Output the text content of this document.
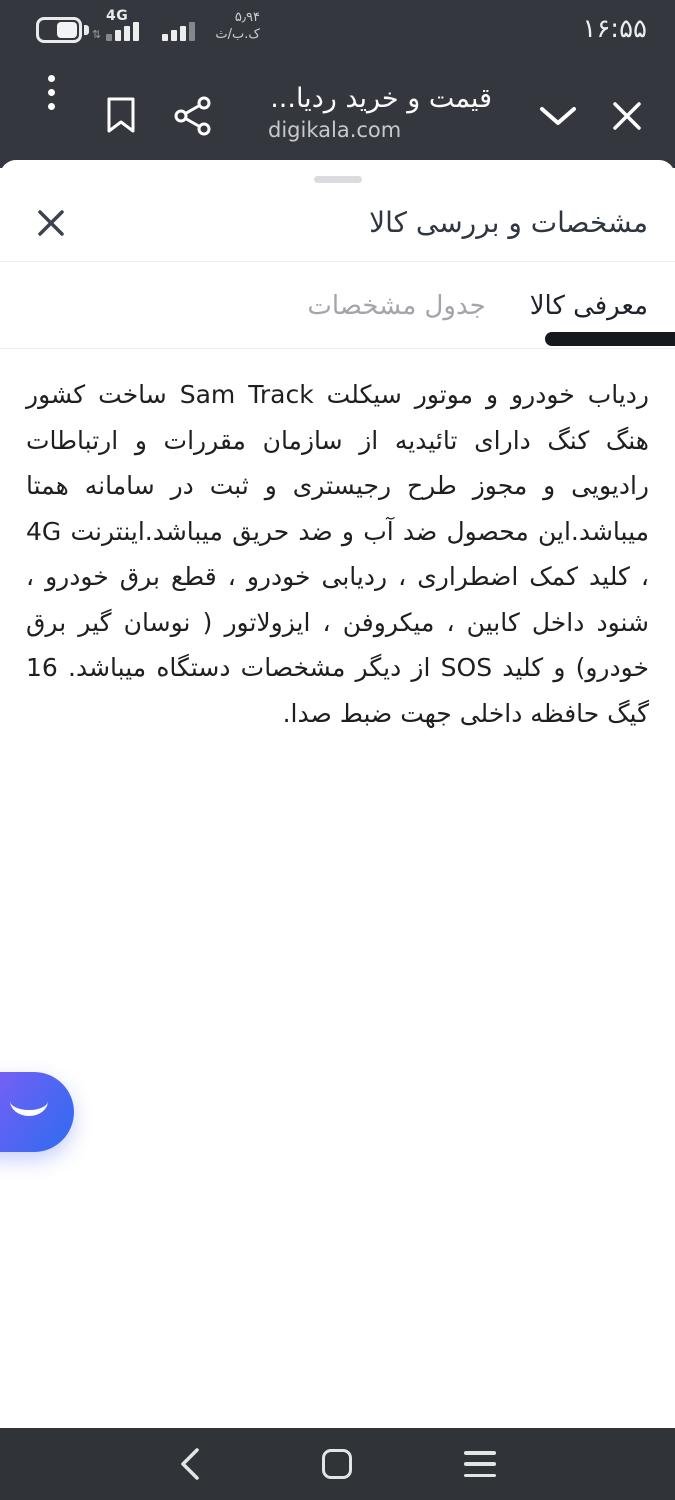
4G
⇅
۵٫۹۴
ک.ب/ث	۱۶:۵۵
قیمت و خرید ردیا...
digikala.com
مشخصات و بررسی کالا
معرفی کالا
جدول مشخصات
ردیاب خودرو و موتور سیکلت Sam Track ساخت کشور هنگ کنگ دارای تائیدیه از سازمان مقررات و ارتباطات رادیویی و مجوز طرح رجیستری و ثبت در سامانه همتا میباشد.این محصول ضد آب و ضد حریق میباشد.اینترنت 4G ، کلید کمک اضطراری ، ردیابی خودرو ، قطع برق خودرو ، شنود داخل کابین ، میکروفن ، ایزولاتور ( نوسان گیر برق خودرو) و کلید SOS از دیگر مشخصات دستگاه میباشد. 16 گیگ حافظه داخلی جهت ضبط صدا.
